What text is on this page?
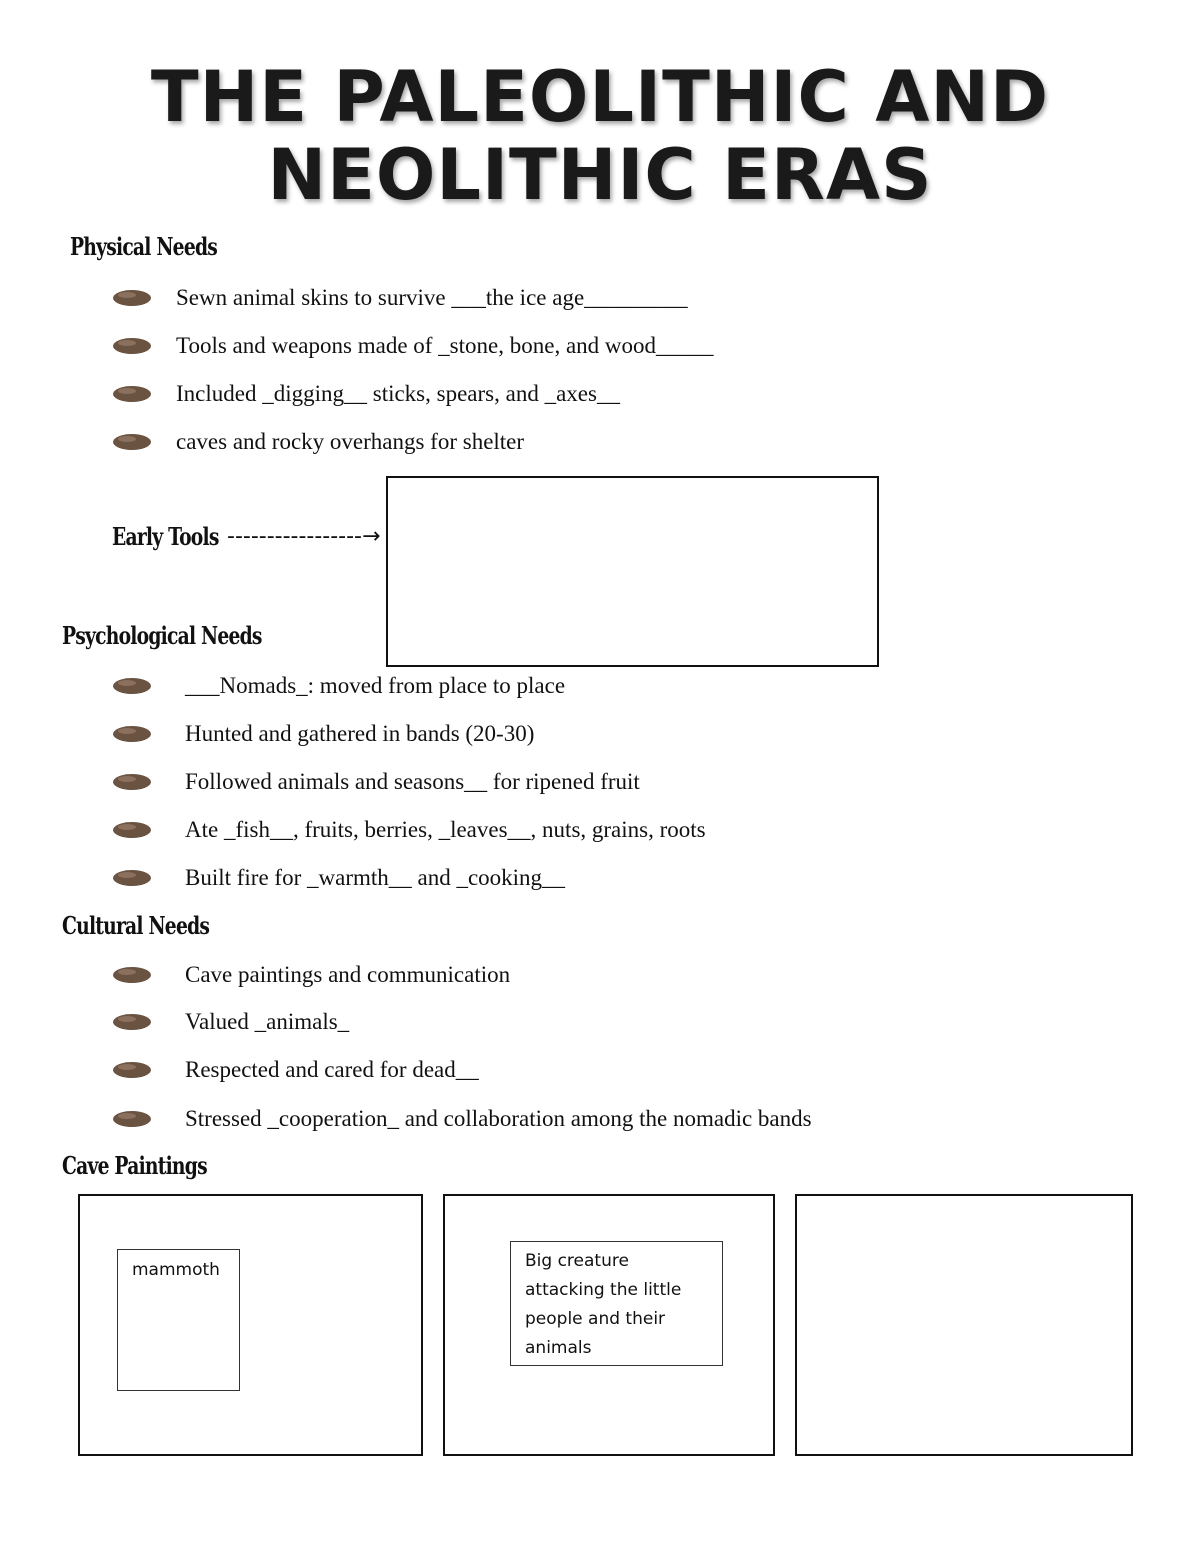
THE PALEOLITHIC AND
NEOLITHIC ERAS
Physical Needs
Sewn animal skins to survive ___the ice age_________
Tools and weapons made of _stone, bone, and wood_____
Included _digging__ sticks, spears, and _axes__
caves and rocky overhangs for shelter
Early Tools -----------------→
Psychological Needs
___Nomads_: moved from place to place
Hunted and gathered in bands (20-30)
Followed animals and seasons__ for ripened fruit
Ate _fish__, fruits, berries, _leaves__, nuts, grains, roots
Built fire for _warmth__ and _cooking__
Cultural Needs
Cave paintings and communication
Valued _animals_
Respected and cared for dead__
Stressed _cooperation_ and collaboration among the nomadic bands
Cave Paintings
mammoth	Big creature
attacking the little
people and their
animals
